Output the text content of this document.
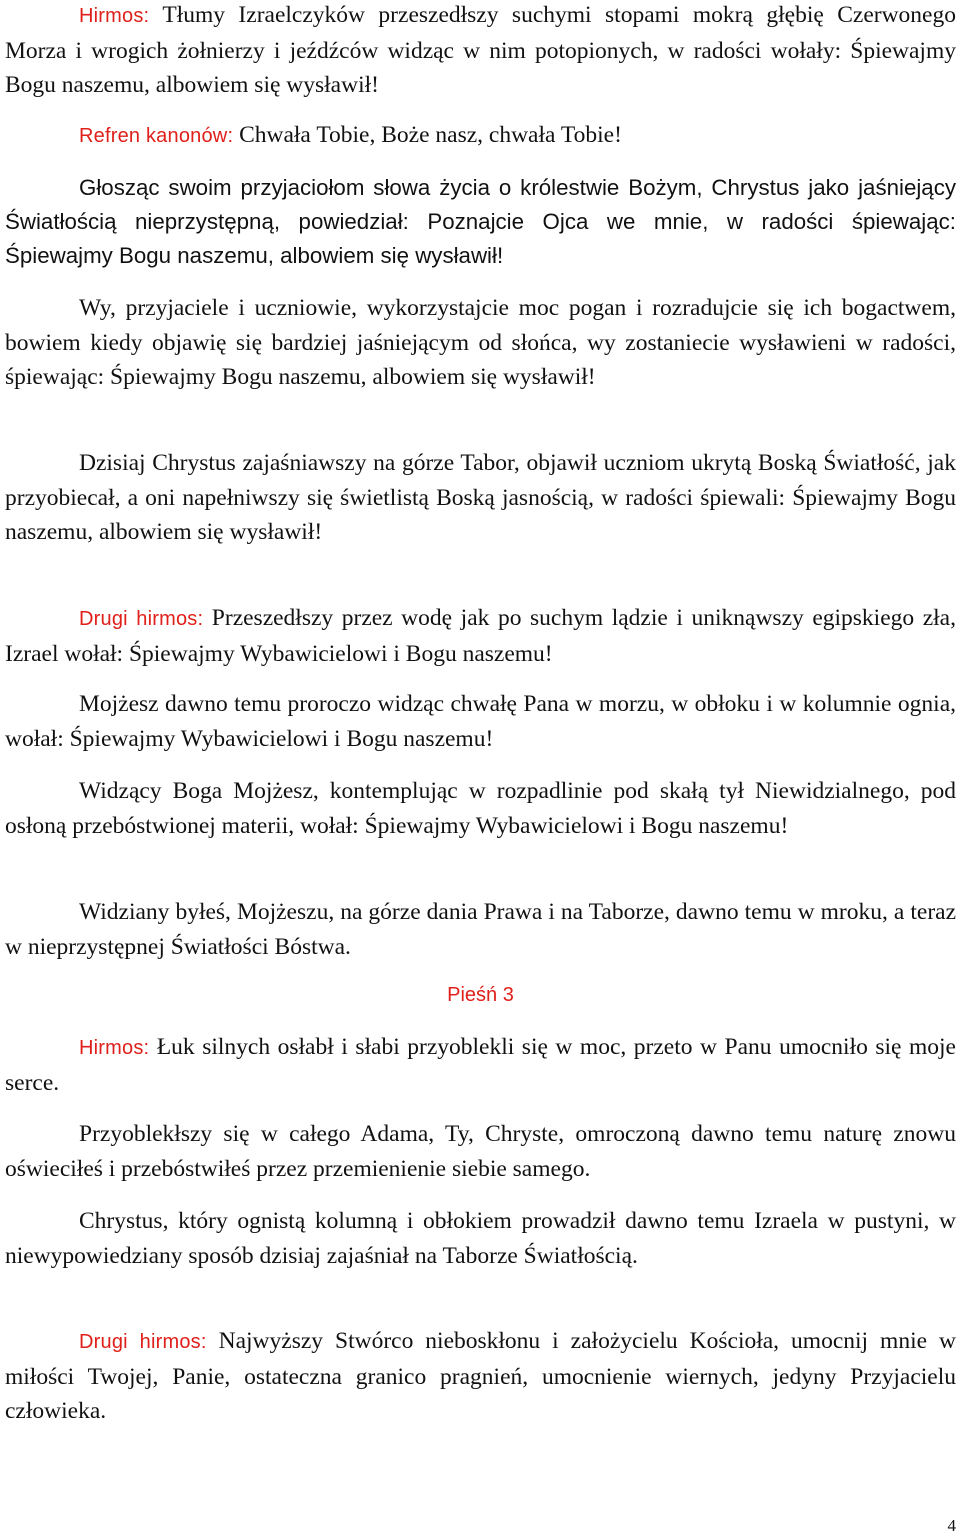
Hirmos: Tłumy Izraelczyków przeszedłszy suchymi stopami mokrą głębię Czerwonego Morza i wrogich żołnierzy i jeźdźców widząc w nim potopionych, w radości wołały: Śpiewajmy Bogu naszemu, albowiem się wysławił!

Refren kanonów: Chwała Tobie, Boże nasz, chwała Tobie!

Głosząc swoim przyjaciołom słowa życia o królestwie Bożym, Chrystus jako jaśniejący Światłością nieprzystępną, powiedział: Poznajcie Ojca we mnie, w radości śpiewając: Śpiewajmy Bogu naszemu, albowiem się wysławił!

Wy, przyjaciele i uczniowie, wykorzystajcie moc pogan i rozradujcie się ich bogactwem, bowiem kiedy objawię się bardziej jaśniejącym od słońca, wy zostaniecie wysławieni w radości, śpiewając: Śpiewajmy Bogu naszemu, albowiem się wysławił!

Dzisiaj Chrystus zajaśniawszy na górze Tabor, objawił uczniom ukrytą Boską Światłość, jak przyobiecał, a oni napełniwszy się świetlistą Boską jasnością, w radości śpiewali: Śpiewajmy Bogu naszemu, albowiem się wysławił!

Drugi hirmos: Przeszedłszy przez wodę jak po suchym lądzie i uniknąwszy egipskiego zła, Izrael wołał: Śpiewajmy Wybawicielowi i Bogu naszemu!

Mojżesz dawno temu proroczo widząc chwałę Pana w morzu, w obłoku i w kolumnie ognia, wołał: Śpiewajmy Wybawicielowi i Bogu naszemu!

Widzący Boga Mojżesz, kontemplując w rozpadlinie pod skałą tył Niewidzialnego, pod osłoną przebóstwionej materii, wołał: Śpiewajmy Wybawicielowi i Bogu naszemu!

Widziany byłeś, Mojżeszu, na górze dania Prawa i na Taborze, dawno temu w mroku, a teraz w nieprzystępnej Światłości Bóstwa.

Pieśń 3

Hirmos: Łuk silnych osłabł i słabi przyoblekli się w moc, przeto w Panu umocniło się moje serce.

Przyoblekłszy się w całego Adama, Ty, Chryste, omroczoną dawno temu naturę znowu oświeciłeś i przebóstwiłeś przez przemienienie siebie samego.

Chrystus, który ognistą kolumną i obłokiem prowadził dawno temu Izraela w pustyni, w niewypowiedziany sposób dzisiaj zajaśniał na Taborze Światłością.

Drugi hirmos: Najwyższy Stwórco nieboskłonu i założycielu Kościoła, umocnij mnie w miłości Twojej, Panie, ostateczna granico pragnień, umocnienie wiernych, jedyny Przyjacielu człowieka.

4
